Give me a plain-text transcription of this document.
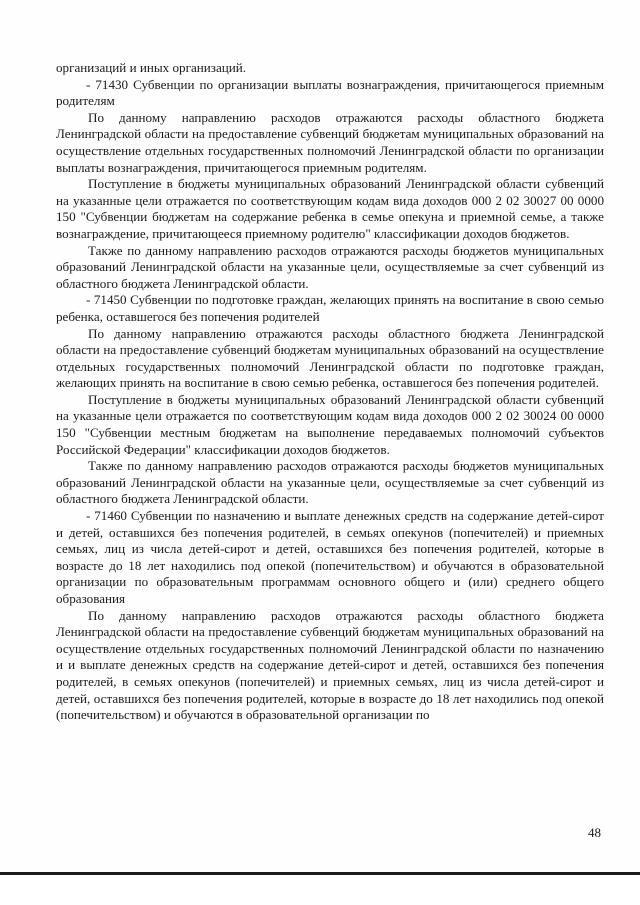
организаций и иных организаций.

- 71430 Субвенции по организации выплаты вознаграждения, причитающегося приемным родителям

По данному направлению расходов отражаются расходы областного бюджета Ленинградской области на предоставление субвенций бюджетам муниципальных образований на осуществление отдельных государственных полномочий Ленинградской области по организации выплаты вознаграждения, причитающегося приемным родителям.

Поступление в бюджеты муниципальных образований Ленинградской области субвенций на указанные цели отражается по соответствующим кодам вида доходов 000 2 02 30027 00 0000 150 "Субвенции бюджетам на содержание ребенка в семье опекуна и приемной семье, а также вознаграждение, причитающееся приемному родителю" классификации доходов бюджетов.

Также по данному направлению расходов отражаются расходы бюджетов муниципальных образований Ленинградской области на указанные цели, осуществляемые за счет субвенций из областного бюджета Ленинградской области.

- 71450 Субвенции по подготовке граждан, желающих принять на воспитание в свою семью ребенка, оставшегося без попечения родителей

По данному направлению отражаются расходы областного бюджета Ленинградской области на предоставление субвенций бюджетам муниципальных образований на осуществление отдельных государственных полномочий Ленинградской области по подготовке граждан, желающих принять на воспитание в свою семью ребенка, оставшегося без попечения родителей.

Поступление в бюджеты муниципальных образований Ленинградской области субвенций на указанные цели отражается по соответствующим кодам вида доходов 000 2 02 30024 00 0000 150 "Субвенции местным бюджетам на выполнение передаваемых полномочий субъектов Российской Федерации" классификации доходов бюджетов.

Также по данному направлению расходов отражаются расходы бюджетов муниципальных образований Ленинградской области на указанные цели, осуществляемые за счет субвенций из областного бюджета Ленинградской области.

- 71460 Субвенции по назначению и выплате денежных средств на содержание детей-сирот и детей, оставшихся без попечения родителей, в семьях опекунов (попечителей) и приемных семьях, лиц из числа детей-сирот и детей, оставшихся без попечения родителей, которые в возрасте до 18 лет находились под опекой (попечительством) и обучаются в образовательной организации по образовательным программам основного общего и (или) среднего общего образования

По данному направлению расходов отражаются расходы областного бюджета Ленинградской области на предоставление субвенций бюджетам муниципальных образований на осуществление отдельных государственных полномочий Ленинградской области по назначению и и выплате денежных средств на содержание детей-сирот и детей, оставшихся без попечения родителей, в семьях опекунов (попечителей) и приемных семьях, лиц из числа детей-сирот и детей, оставшихся без попечения родителей, которые в возрасте до 18 лет находились под опекой (попечительством) и обучаются в образовательной организации по

48
